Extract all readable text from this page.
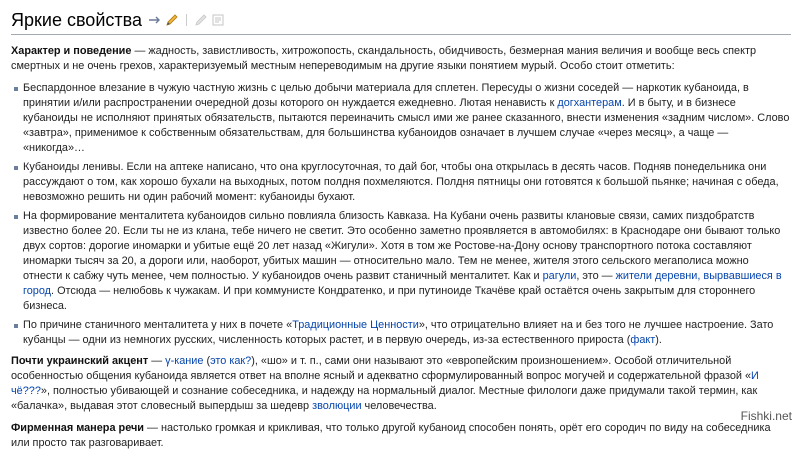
Яркие свойства

Характер и поведение — жадность, завистливость, хитрожопость, скандальность, обидчивость, безмерная мания величия и вообще весь спектр смертных и не очень грехов, характеризуемый местным непереводимым на другие языки понятием мурый. Особо стоит отметить:

Беспардонное влезание в чужую частную жизнь с целью добычи материала для сплетен. Пересуды о жизни соседей — наркотик кубаноида, в принятии и/или распространении очередной дозы которого он нуждается ежедневно. Лютая ненависть к догхантерам. И в быту, и в бизнесе кубаноиды не исполняют принятых обязательств, пытаются переиначить смысл ими же ранее сказанного, внести изменения «задним числом». Слово «завтра», применимое к собственным обязательствам, для большинства кубаноидов означает в лучшем случае «через месяц», а чаще — «никогда»…
Кубаноиды ленивы. Если на аптеке написано, что она круглосуточная, то дай бог, чтобы она открылась в десять часов. Подняв понедельника они рассуждают о том, как хорошо бухали на выходных, потом полдня похмеляются. Полдня пятницы они готовятся к большой пьянке; начиная с обеда, невозможно решить ни один рабочий момент: кубаноиды бухают.
На формирование менталитета кубаноидов сильно повлияла близость Кавказа. На Кубани очень развиты клановые связи, самих пиздобратств известно более 20. Если ты не из клана, тебе ничего не светит. Это особенно заметно проявляется в автомобилях: в Краснодаре они бывают только двух сортов: дорогие иномарки и убитые ещё 20 лет назад «Жигули». Хотя в том же Ростове-на-Дону основу транспортного потока составляют иномарки тысяч за 20, а дороги или, наоборот, убитых машин — относительно мало. Тем не менее, жителя этого сельского мегаполиса можно отнести к сабжу чуть менее, чем полностью. У кубаноидов очень развит станичный менталитет. Как и рагули, это — жители деревни, вырвавшиеся в город. Отсюда — нелюбовь к чужакам. И при коммунисте Кондратенко, и при путиноиде Ткачёве край остаётся очень закрытым для стороннего бизнеса.
По причине станичного менталитета у них в почете «Традиционные Ценности», что отрицательно влияет на и без того не лучшее настроение. Зато кубанцы — одни из немногих русских, численность которых растет, и в первую очередь, из-за естественного прироста (факт).

Почти украинский акцент — γ-кание (это как?), «шо» и т. п., сами они называют это «европейским произношением». Особой отличительной особенностью общения кубаноида является ответ на вполне ясный и адекватно сформулированный вопрос могучей и содержательной фразой «И чё???», полностью убивающей и сознание собеседника, и надежду на нормальный диалог. Местные филологи даже придумали такой термин, как «балачка», выдавая этот словесный выпердыш за шедевр зволюции человечества.

Фирменная манера речи — настолько громкая и крикливая, что только другой кубаноид способен понять, орёт его сородич по виду на собеседника или просто так разговаривает.

Fishki.net
